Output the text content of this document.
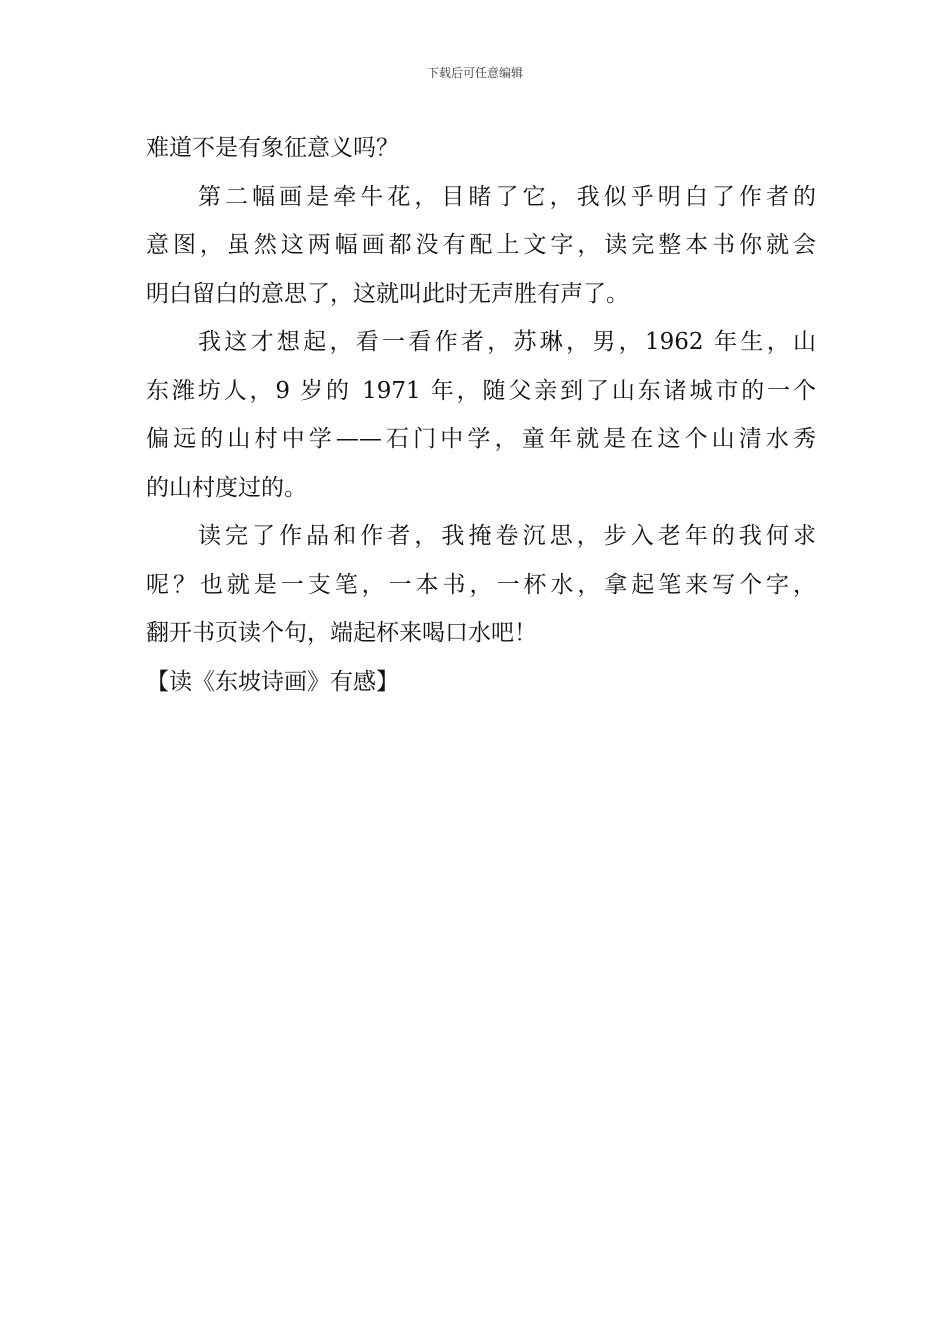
下载后可任意编辑
难道不是有象征意义吗？
第二幅画是牵牛花，目睹了它，我似乎明白了作者的
意图，虽然这两幅画都没有配上文字，读完整本书你就会
明白留白的意思了，这就叫此时无声胜有声了。
我这才想起，看一看作者，苏琳，男，1962 年生，山
东潍坊人，9 岁的 1971 年，随父亲到了山东诸城市的一个
偏远的山村中学——石门中学，童年就是在这个山清水秀
的山村度过的。
读完了作品和作者，我掩卷沉思，步入老年的我何求
呢？也就是一支笔，一本书，一杯水，拿起笔来写个字，
翻开书页读个句，端起杯来喝口水吧！
【读《东坡诗画》有感】
